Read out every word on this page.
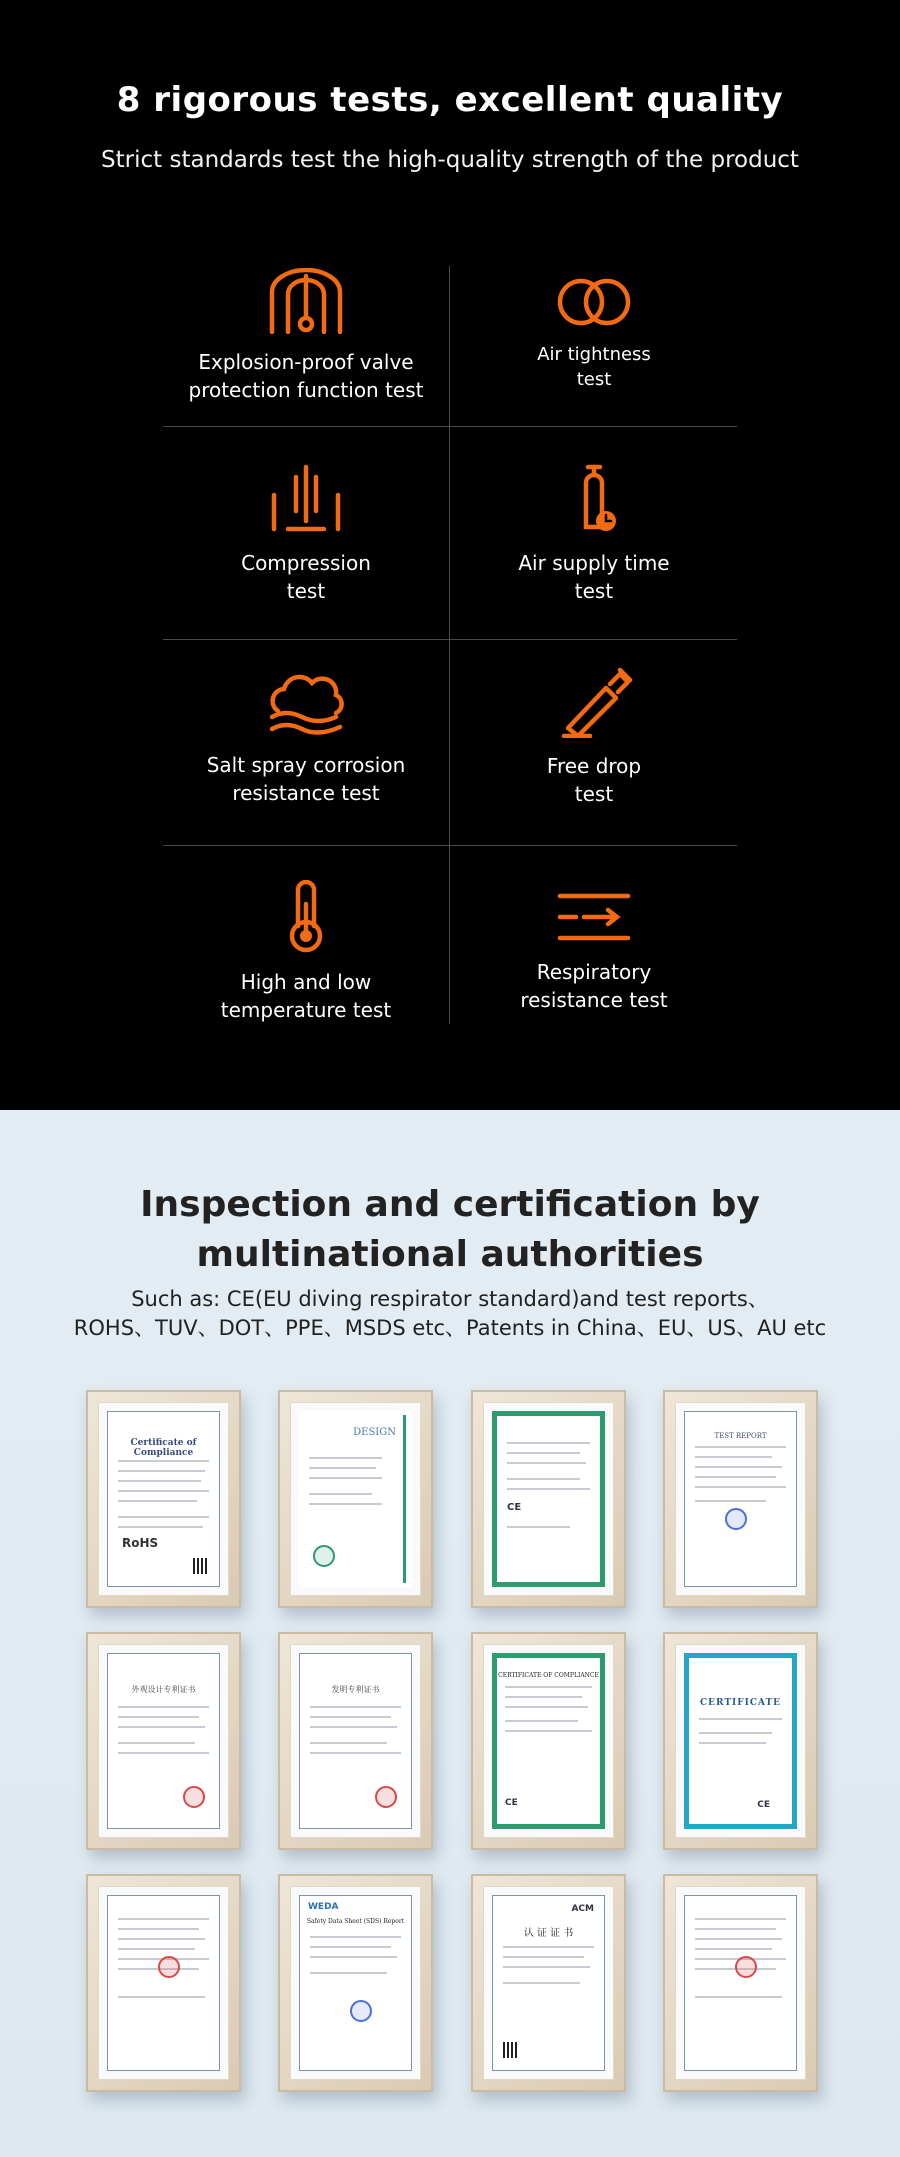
8 rigorous tests, excellent quality
Strict standards test the high-quality strength of the product
Explosion-proof valve
protection function test
Air tightness
test
Compression
test
Air supply time
test
Salt spray corrosion
resistance test
Free drop
test
High and low
temperature test
Respiratory
resistance test
Inspection and certification by
multinational authorities
Such as: CE(EU diving respirator standard)and test reports、
ROHS、TUV、DOT、PPE、MSDS etc、Patents in China、EU、US、AU etc
Certificate of Compliance
RoHS
DESIGN
CE
TEST REPORT
外观设计专利证书	发明专利证书
CERTIFICATE OF COMPLIANCE
CE
CERTIFICATE
CE
WEDA
Safety Data Sheet (SDS) Report
ACM
认 证 证 书
